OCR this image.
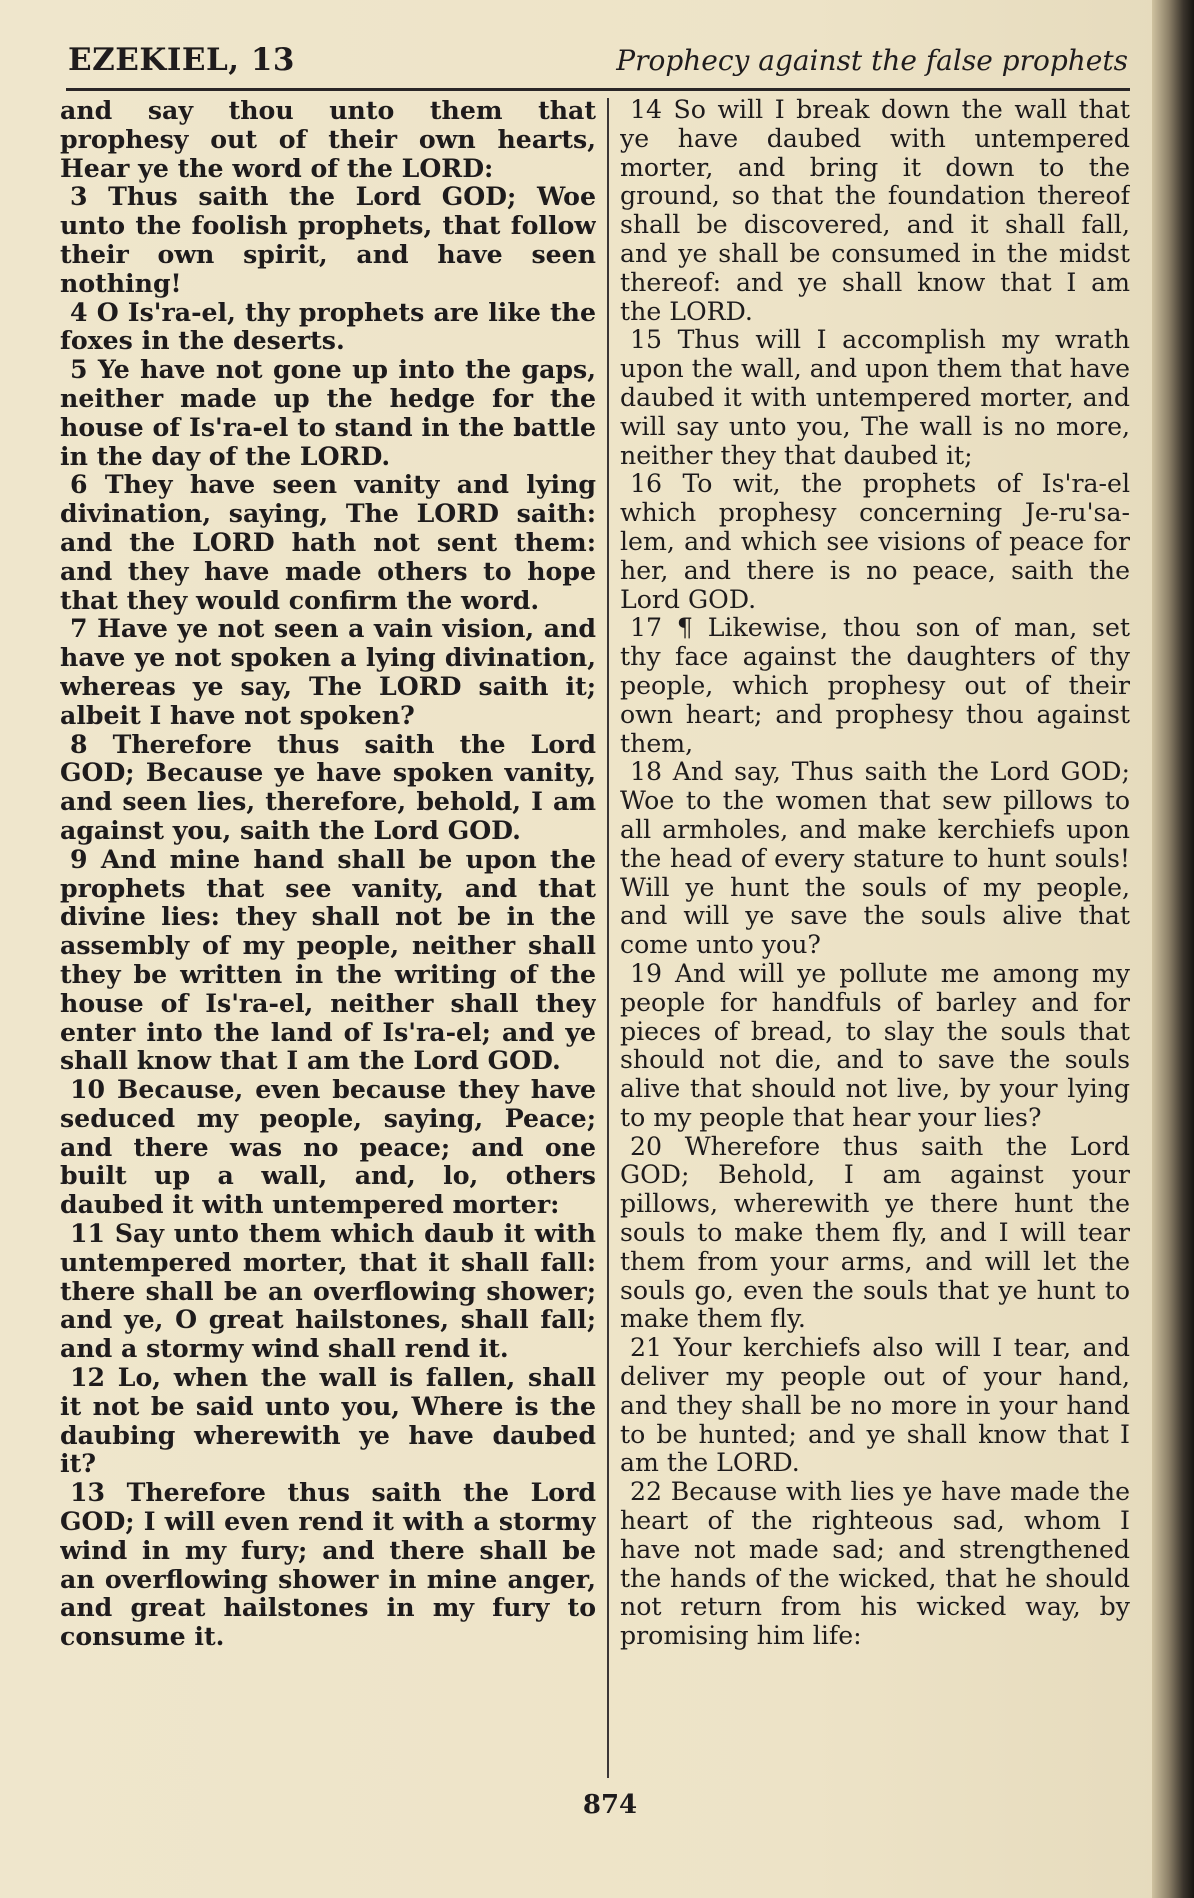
EZEKIEL, 13	Prophecy against the false prophets

and say thou unto them that prophesy out of their own hearts, Hear ye the word of the LORD:

3 Thus saith the Lord GOD; Woe unto the foolish prophets, that follow their own spirit, and have seen nothing!

4 O Is'ra-el, thy prophets are like the foxes in the deserts.

5 Ye have not gone up into the gaps, neither made up the hedge for the house of Is'ra-el to stand in the battle in the day of the LORD.

6 They have seen vanity and lying divination, saying, The LORD saith: and the LORD hath not sent them: and they have made others to hope that they would confirm the word.

7 Have ye not seen a vain vision, and have ye not spoken a lying divination, whereas ye say, The LORD saith it; albeit I have not spoken?

8 Therefore thus saith the Lord GOD; Because ye have spoken vanity, and seen lies, therefore, behold, I am against you, saith the Lord GOD.

9 And mine hand shall be upon the prophets that see vanity, and that divine lies: they shall not be in the assembly of my people, neither shall they be written in the writing of the house of Is'ra-el, neither shall they enter into the land of Is'ra-el; and ye shall know that I am the Lord GOD.

10 Because, even because they have seduced my people, saying, Peace; and there was no peace; and one built up a wall, and, lo, others daubed it with untempered morter:

11 Say unto them which daub it with untempered morter, that it shall fall: there shall be an overflowing shower; and ye, O great hailstones, shall fall; and a stormy wind shall rend it.

12 Lo, when the wall is fallen, shall it not be said unto you, Where is the daubing wherewith ye have daubed it?

13 Therefore thus saith the Lord GOD; I will even rend it with a stormy wind in my fury; and there shall be an overflowing shower in mine anger, and great hailstones in my fury to consume it.

14 So will I break down the wall that ye have daubed with untempered morter, and bring it down to the ground, so that the foundation thereof shall be discovered, and it shall fall, and ye shall be consumed in the midst thereof: and ye shall know that I am the LORD.

15 Thus will I accomplish my wrath upon the wall, and upon them that have daubed it with untempered morter, and will say unto you, The wall is no more, neither they that daubed it;

16 To wit, the prophets of Is'ra-el which prophesy concerning Je-ru'sa-lem, and which see visions of peace for her, and there is no peace, saith the Lord GOD.

17 ¶ Likewise, thou son of man, set thy face against the daughters of thy people, which prophesy out of their own heart; and prophesy thou against them,

18 And say, Thus saith the Lord GOD; Woe to the women that sew pillows to all armholes, and make kerchiefs upon the head of every stature to hunt souls! Will ye hunt the souls of my people, and will ye save the souls alive that come unto you?

19 And will ye pollute me among my people for handfuls of barley and for pieces of bread, to slay the souls that should not die, and to save the souls alive that should not live, by your lying to my people that hear your lies?

20 Wherefore thus saith the Lord GOD; Behold, I am against your pillows, wherewith ye there hunt the souls to make them fly, and I will tear them from your arms, and will let the souls go, even the souls that ye hunt to make them fly.

21 Your kerchiefs also will I tear, and deliver my people out of your hand, and they shall be no more in your hand to be hunted; and ye shall know that I am the LORD.

22 Because with lies ye have made the heart of the righteous sad, whom I have not made sad; and strengthened the hands of the wicked, that he should not return from his wicked way, by promising him life:

874
